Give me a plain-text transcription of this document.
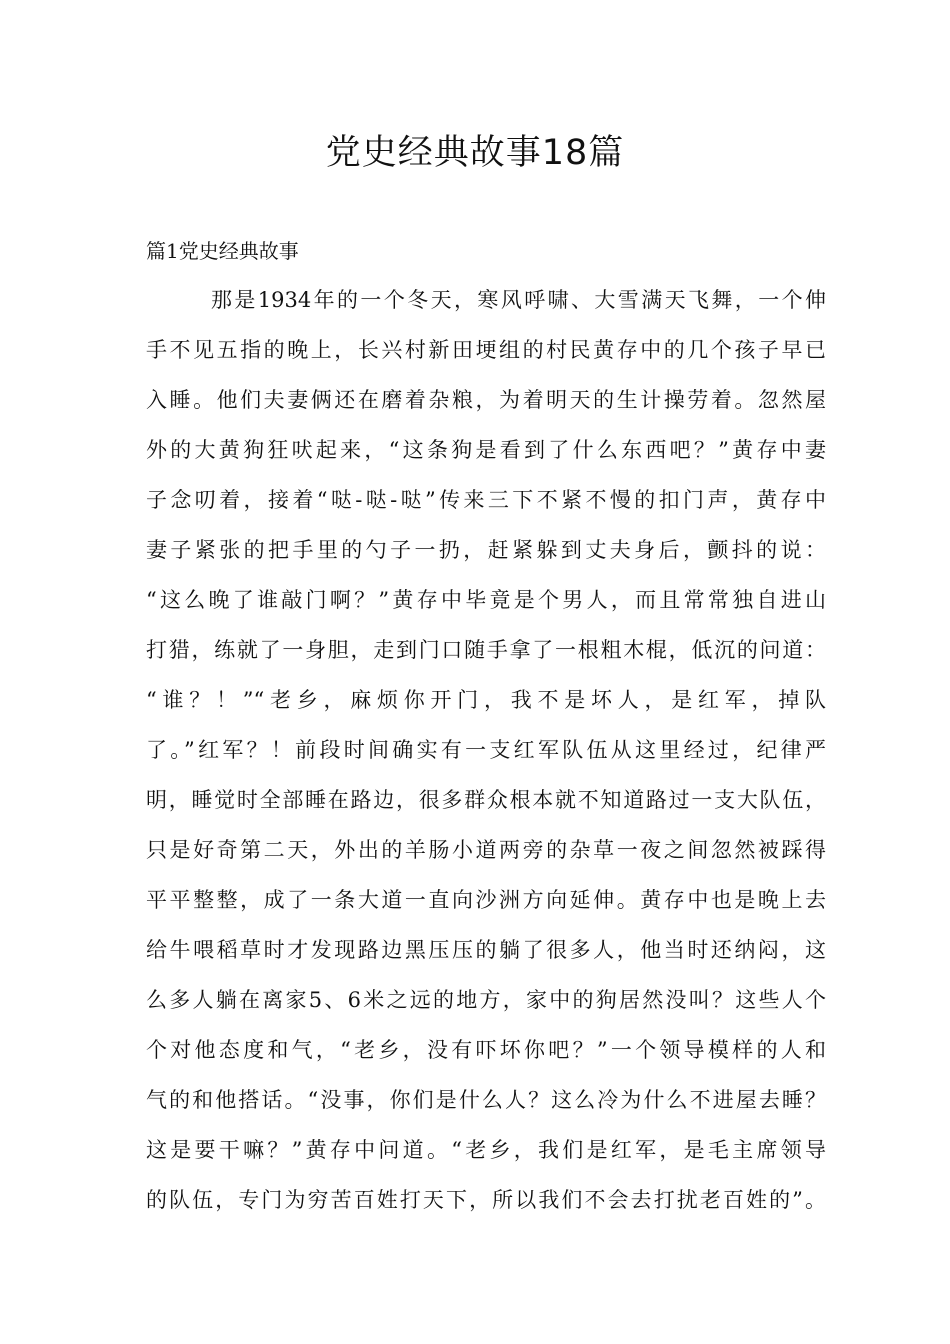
党史经典故事18篇
篇1党史经典故事
那是1934年的一个冬天，寒风呼啸、大雪满天飞舞，一个伸
手不见五指的晚上，长兴村新田埂组的村民黄存中的几个孩子早已
入睡。他们夫妻俩还在磨着杂粮，为着明天的生计操劳着。忽然屋
外的大黄狗狂吠起来，“这条狗是看到了什么东西吧？”黄存中妻
子念叨着，接着“哒-哒-哒”传来三下不紧不慢的扣门声，黄存中
妻子紧张的把手里的勺子一扔，赶紧躲到丈夫身后，颤抖的说：
“这么晚了谁敲门啊？”黄存中毕竟是个男人，而且常常独自进山
打猎，练就了一身胆，走到门口随手拿了一根粗木棍，低沉的问道：
“谁？！”“老乡，麻烦你开门，我不是坏人，是红军，掉队
了。”红军？！前段时间确实有一支红军队伍从这里经过，纪律严
明，睡觉时全部睡在路边，很多群众根本就不知道路过一支大队伍，
只是好奇第二天，外出的羊肠小道两旁的杂草一夜之间忽然被踩得
平平整整，成了一条大道一直向沙洲方向延伸。黄存中也是晚上去
给牛喂稻草时才发现路边黑压压的躺了很多人，他当时还纳闷，这
么多人躺在离家5、6米之远的地方，家中的狗居然没叫？这些人个
个对他态度和气，“老乡，没有吓坏你吧？”一个领导模样的人和
气的和他搭话。“没事，你们是什么人？这么冷为什么不进屋去睡？
这是要干嘛？”黄存中问道。“老乡，我们是红军，是毛主席领导
的队伍，专门为穷苦百姓打天下，所以我们不会去打扰老百姓的”。
